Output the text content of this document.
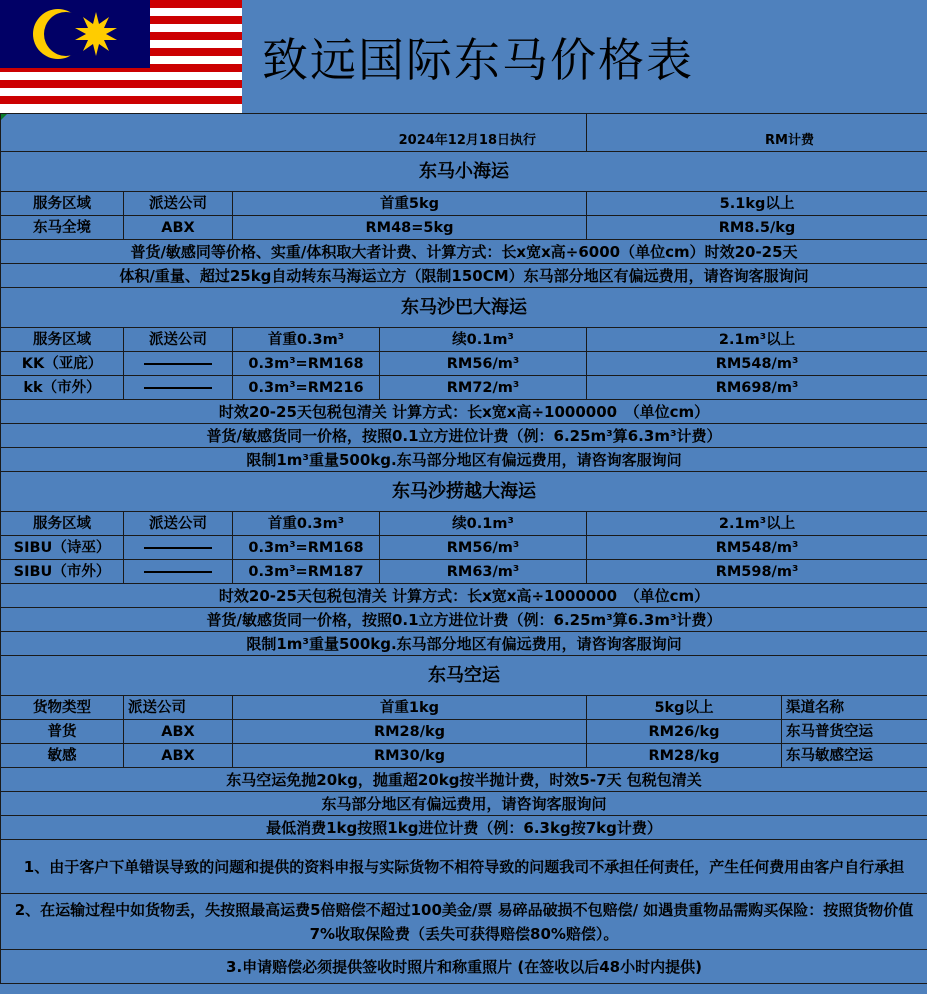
致远国际东马价格表
2024年12月18日执行				RM计费	
东马小海运					
服务区域	派送公司	首重5kg		5.1kg以上	
东马全境	ABX	RM48=5kg		RM8.5/kg	
普货/敏感同等价格、实重/体积取大者计费、计算方式：长x宽x高÷6000（单位cm）时效20-25天					
体积/重量、超过25kg自动转东马海运立方（限制150CM）东马部分地区有偏远费用，请咨询客服询问					
东马沙巴大海运					
服务区域	派送公司	首重0.3m³	续0.1m³	2.1m³以上	
KK（亚庇）		0.3m³=RM168	RM56/m³	RM548/m³	
kk（市外）		0.3m³=RM216	RM72/m³	RM698/m³	
时效20-25天包税包清关 计算方式：长x宽x高÷1000000　（单位cm）					
普货/敏感货同一价格，按照0.1立方进位计费（例：6.25m³算6.3m³计费）					
限制1m³重量500kg.东马部分地区有偏远费用，请咨询客服询问					
东马沙捞越大海运					
服务区域	派送公司	首重0.3m³	续0.1m³	2.1m³以上	
SIBU（诗巫）		0.3m³=RM168	RM56/m³	RM548/m³	
SIBU（市外）		0.3m³=RM187	RM63/m³	RM598/m³	
时效20-25天包税包清关 计算方式：长x宽x高÷1000000　（单位cm）					
普货/敏感货同一价格，按照0.1立方进位计费（例：6.25m³算6.3m³计费）					
限制1m³重量500kg.东马部分地区有偏远费用，请咨询客服询问					
东马空运					
货物类型	派送公司	首重1kg		5kg以上	渠道名称
普货	ABX	RM28/kg		RM26/kg	东马普货空运
敏感	ABX	RM30/kg		RM28/kg	东马敏感空运
东马空运免抛20kg，抛重超20kg按半抛计费，时效5-7天 包税包清关					
东马部分地区有偏远费用，请咨询客服询问					
最低消费1kg按照1kg进位计费（例：6.3kg按7kg计费）					
1、由于客户下单错误导致的问题和提供的资料申报与实际货物不相符导致的问题我司不承担任何责任，产生任何费用由客户自行承担					
2、在运输过程中如货物丢，失按照最高运费5倍赔偿不超过100美金/票 易碎品破损不包赔偿/ 如遇贵重物品需购买保险：按照货物价值7%收取保险费（丢失可获得赔偿80%赔偿）。					
3.申请赔偿必须提供签收时照片和称重照片 (在签收以后48小时内提供)					
